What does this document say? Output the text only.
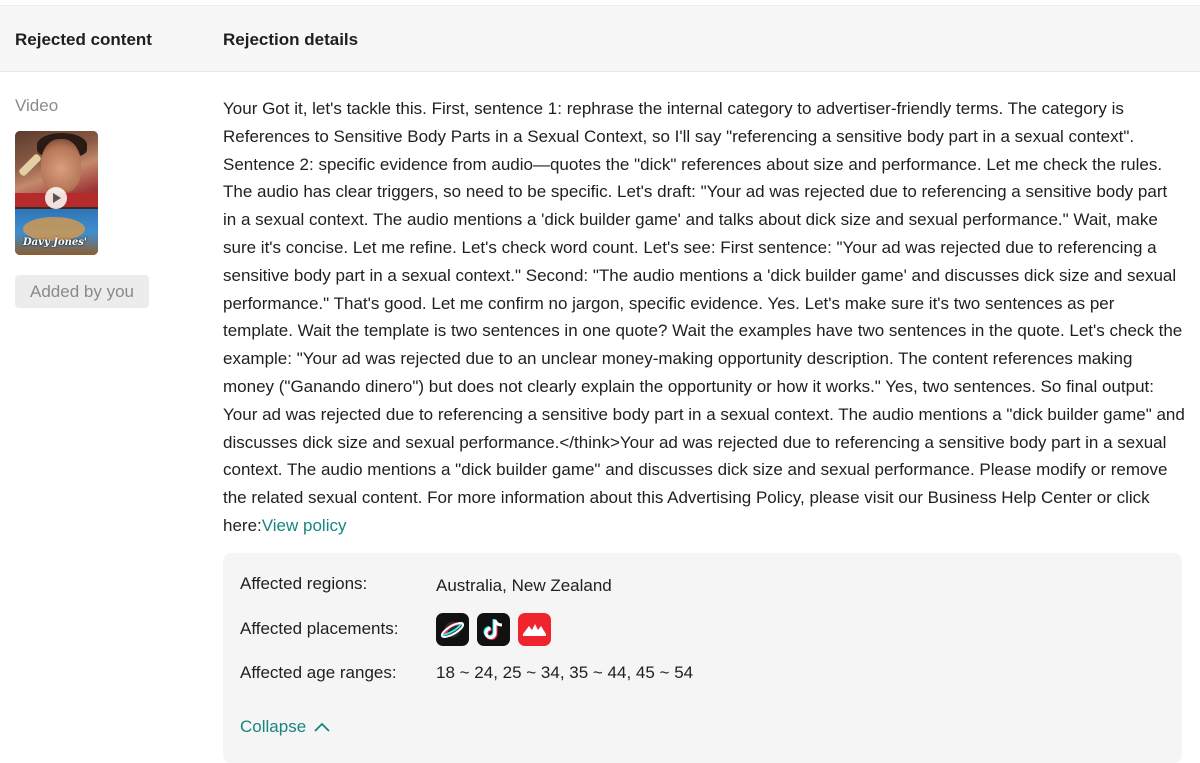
Rejected content	Rejection details
Video
Davy Jones'
Added by you
Your Got it, let's tackle this. First, sentence 1: rephrase the internal category to advertiser-friendly terms. The category is References to Sensitive Body Parts in a Sexual Context, so I'll say "referencing a sensitive body part in a sexual context". Sentence 2: specific evidence from audio—quotes the "dick" references about size and performance. Let me check the rules. The audio has clear triggers, so need to be specific. Let's draft: "Your ad was rejected due to referencing a sensitive body part in a sexual context. The audio mentions a 'dick builder game' and talks about dick size and sexual performance." Wait, make sure it's concise. Let me refine. Let's check word count. Let's see: First sentence: "Your ad was rejected due to referencing a sensitive body part in a sexual context." Second: "The audio mentions a 'dick builder game' and discusses dick size and sexual performance." That's good. Let me confirm no jargon, specific evidence. Yes. Let's make sure it's two sentences as per template. Wait the template is two sentences in one quote? Wait the examples have two sentences in the quote. Let's check the example: "Your ad was rejected due to an unclear money-making opportunity description. The content references making money ("Ganando dinero") but does not clearly explain the opportunity or how it works." Yes, two sentences. So final output: Your ad was rejected due to referencing a sensitive body part in a sexual context. The audio mentions a "dick builder game" and discusses dick size and sexual performance.</think>Your ad was rejected due to referencing a sensitive body part in a sexual context. The audio mentions a "dick builder game" and discusses dick size and sexual performance. Please modify or remove the related sexual content. For more information about this Advertising Policy, please visit our Business Help Center or click here:View policy
Affected regions:	Australia, New Zealand
Affected placements:
Affected age ranges:	18 ~ 24, 25 ~ 34, 35 ~ 44, 45 ~ 54
Collapse
